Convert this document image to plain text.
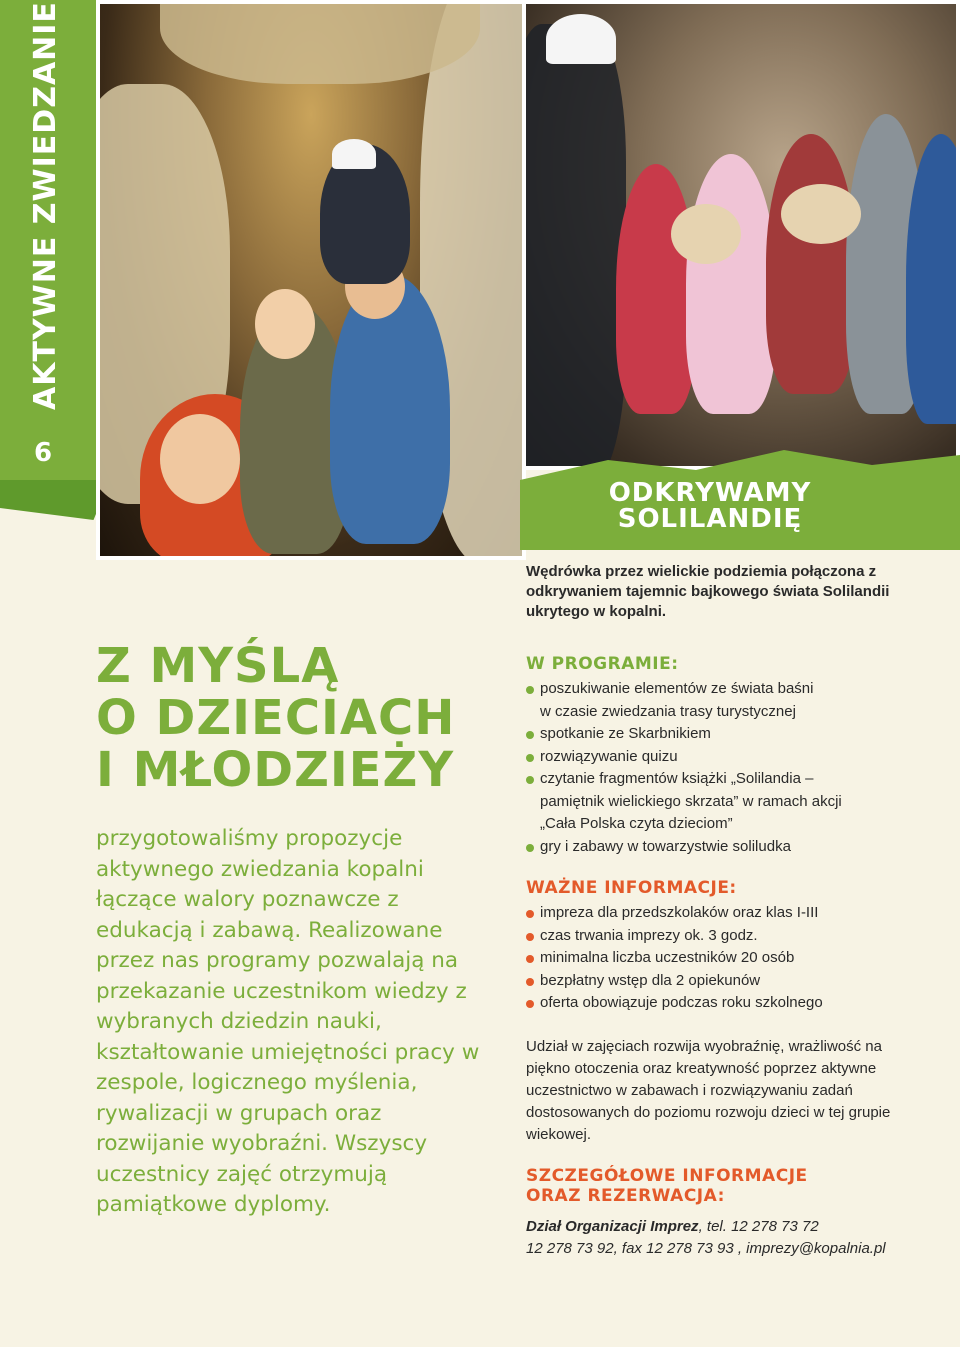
AKTYWNE ZWIEDZANIE
6
ODKRYWAMY
SOLILANDIĘ
Z MYŚLĄ
O DZIECIACH
I MŁODZIEŻY
przygotowaliśmy propozycje aktywnego zwiedzania kopalni łączące walory poznawcze z edukacją i zabawą. Realizowane przez nas programy pozwalają na przekazanie uczestnikom wiedzy z wybranych dziedzin nauki, kształtowanie umiejętności pracy w zespole, logicznego myślenia, rywalizacji w grupach oraz rozwijanie wyobraźni. Wszyscy uczestnicy zajęć otrzymują pamiątkowe dyplomy.
Wędrówka przez wielickie podziemia połączona z odkrywaniem tajemnic bajkowego świata Solilandii ukrytego w kopalni.
W PROGRAMIE:
poszukiwanie elementów ze świata baśni
w czasie zwiedzania trasy turystycznej
spotkanie ze Skarbnikiem
rozwiązywanie quizu
czytanie fragmentów książki „Solilandia –
pamiętnik wielickiego skrzata” w ramach akcji
„Cała Polska czyta dzieciom”
gry i zabawy w towarzystwie soliludka
WAŻNE INFORMACJE:
impreza dla przedszkolaków oraz klas I-III
czas trwania imprezy ok. 3 godz.
minimalna liczba uczestników 20 osób
bezpłatny wstęp dla 2 opiekunów
oferta obowiązuje podczas roku szkolnego
Udział w zajęciach rozwija wyobraźnię, wrażliwość na piękno otoczenia oraz kreatywność poprzez aktywne uczestnictwo w zabawach i rozwiązywaniu zadań dostosowanych do poziomu rozwoju dzieci w tej grupie wiekowej.
SZCZEGÓŁOWE INFORMACJE
ORAZ REZERWACJA:
Dział Organizacji Imprez, tel. 12 278 73 72
12 278 73 92, fax 12 278 73 93 , imprezy@kopalnia.pl
